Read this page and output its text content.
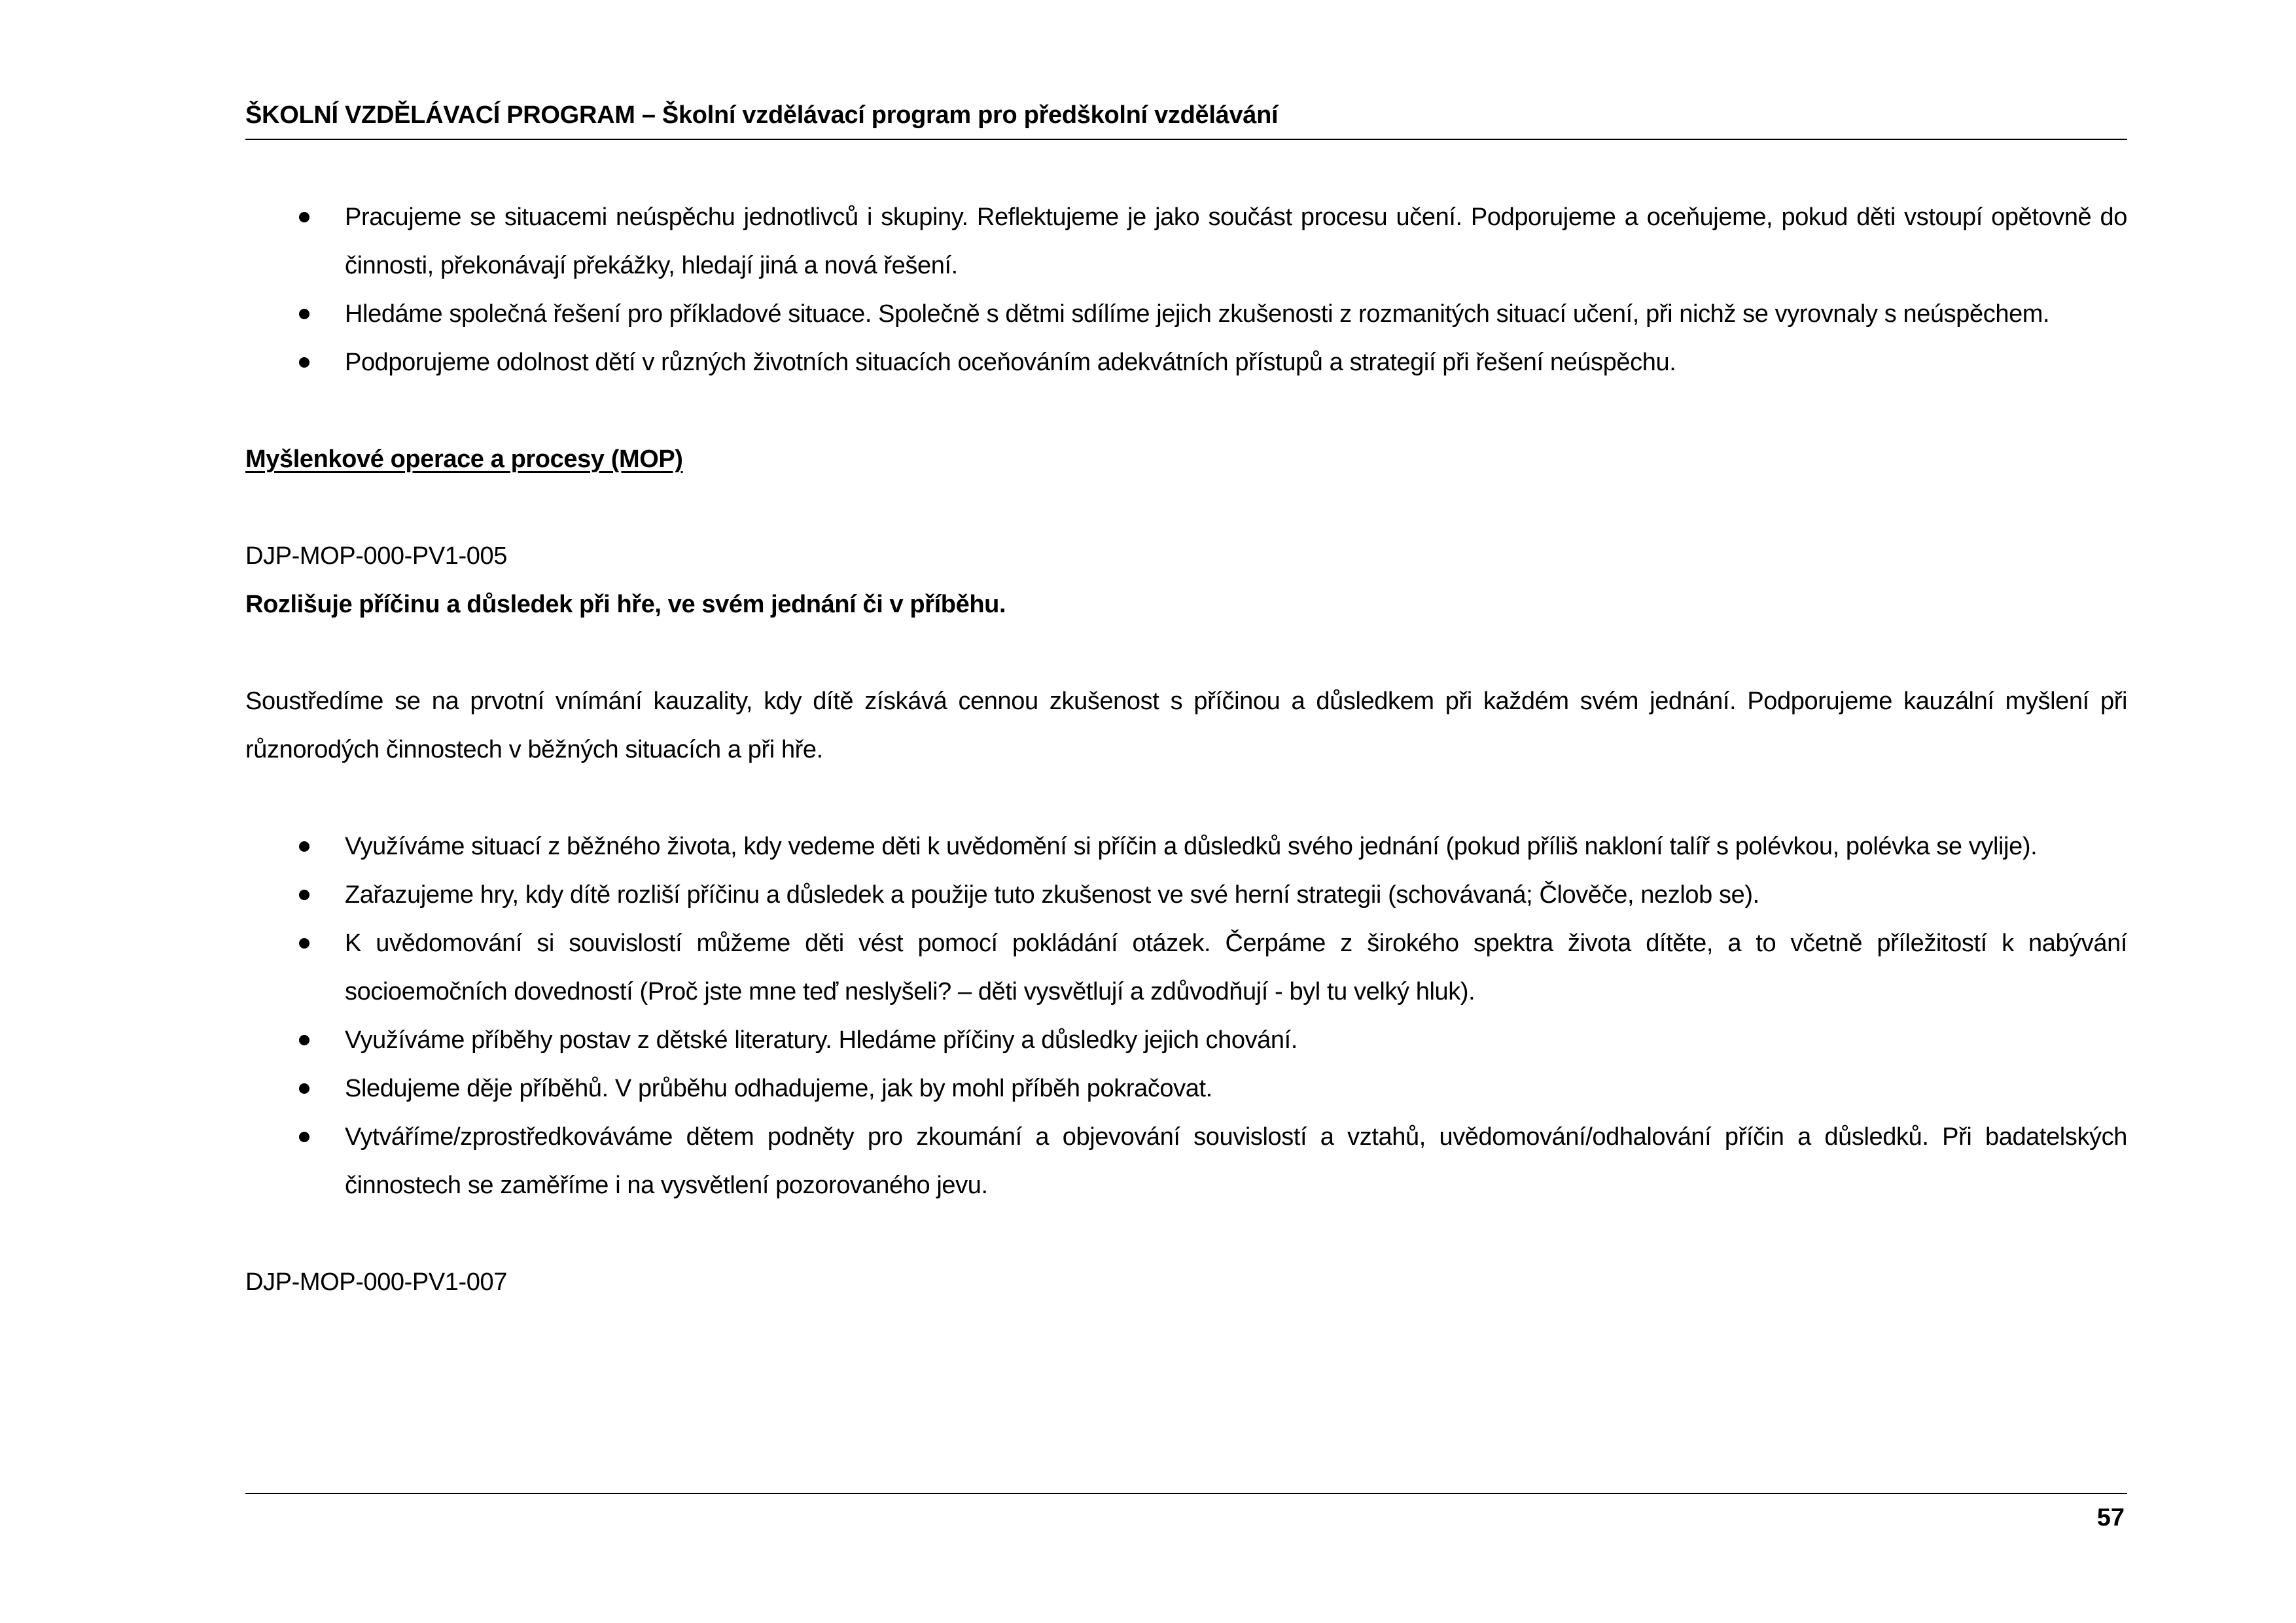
ŠKOLNÍ VZDĚLÁVACÍ PROGRAM – Školní vzdělávací program pro předškolní vzdělávání
Pracujeme se situacemi neúspěchu jednotlivců i skupiny. Reflektujeme je jako součást procesu učení. Podporujeme a oceňujeme, pokud děti vstoupí opětovně do činnosti, překonávají překážky, hledají jiná a nová řešení.
Hledáme společná řešení pro příkladové situace. Společně s dětmi sdílíme jejich zkušenosti z rozmanitých situací učení, při nichž se vyrovnaly s neúspěchem.
Podporujeme odolnost dětí v různých životních situacích oceňováním adekvátních přístupů a strategií při řešení neúspěchu.

Myšlenkové operace a procesy (MOP)

DJP-MOP-000-PV1-005

Rozlišuje příčinu a důsledek při hře, ve svém jednání či v příběhu.

Soustředíme se na prvotní vnímání kauzality, kdy dítě získává cennou zkušenost s příčinou a důsledkem při každém svém jednání. Podporujeme kauzální myšlení při různorodých činnostech v běžných situacích a při hře.

Využíváme situací z běžného života, kdy vedeme děti k uvědomění si příčin a důsledků svého jednání (pokud příliš nakloní talíř s polévkou, polévka se vylije).
Zařazujeme hry, kdy dítě rozliší příčinu a důsledek a použije tuto zkušenost ve své herní strategii (schovávaná; Člověče, nezlob se).
K uvědomování si souvislostí můžeme děti vést pomocí pokládání otázek. Čerpáme z širokého spektra života dítěte, a to včetně příležitostí k nabývání socioemočních dovedností (Proč jste mne teď neslyšeli? – děti vysvětlují a zdůvodňují - byl tu velký hluk).
Využíváme příběhy postav z dětské literatury. Hledáme příčiny a důsledky jejich chování.
Sledujeme děje příběhů. V průběhu odhadujeme, jak by mohl příběh pokračovat.
Vytváříme/zprostředkováváme dětem podněty pro zkoumání a objevování souvislostí a vztahů, uvědomování/odhalování příčin a důsledků. Při badatelských činnostech se zaměříme i na vysvětlení pozorovaného jevu.

DJP-MOP-000-PV1-007

57
